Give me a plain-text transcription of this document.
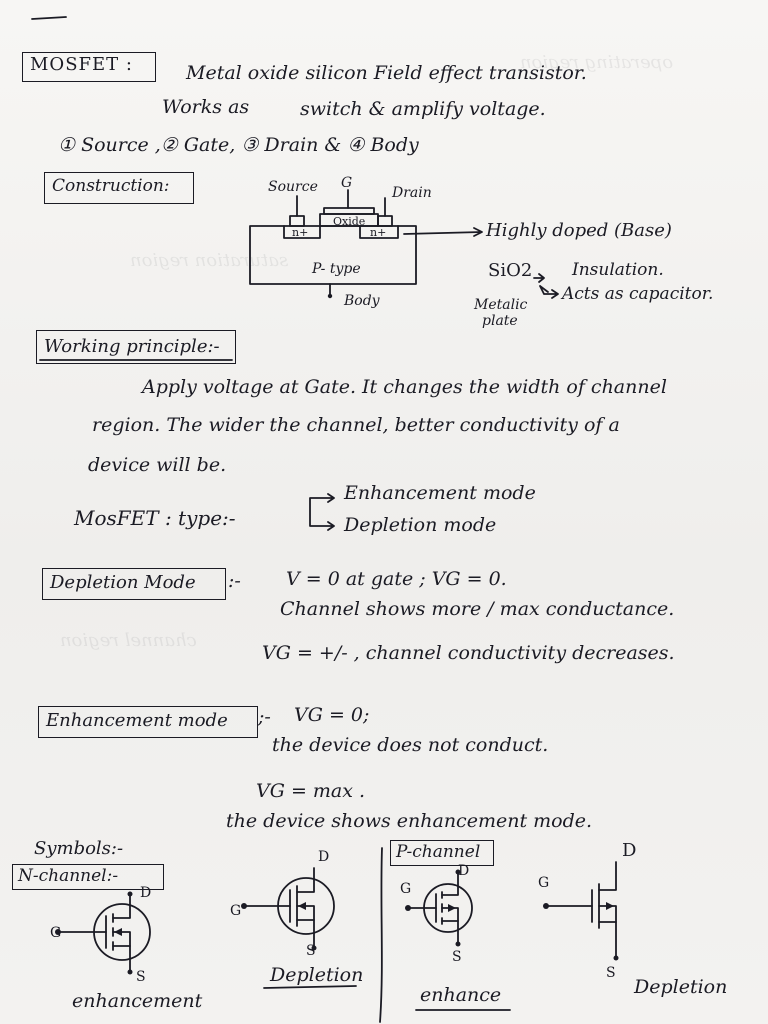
operating region
saturation region
channel region
MOSFET :	Metal oxide silicon Field effect transistor.
Works as	switch & amplify voltage.
① Source ,② Gate, ③ Drain & ④ Body
Construction:	Source G
Drain
Oxide
n+	n+
P- type
Body
Highly doped (Base)
SiO2 Insulation.
Acts as capacitor.
Metalic
plate
Working principle:-
Apply voltage at Gate. It changes the width of channel
region. The wider the channel, better conductivity of a
device will be.
MosFET : type:-
Enhancement mode
Depletion mode
Depletion Mode :- V = 0 at gate ; VG = 0.
Channel shows more / max conductance.
VG = +/- , channel conductivity decreases.
Enhancement mode ;- VG = 0;
the device does not conduct.
VG = max .
the device shows enhancement mode.
Symbols:-
N-channel:-
P-channel
D
G
S
enhancement
D
G
S
Depletion
D
G
S
enhance
D
G
S
Depletion
